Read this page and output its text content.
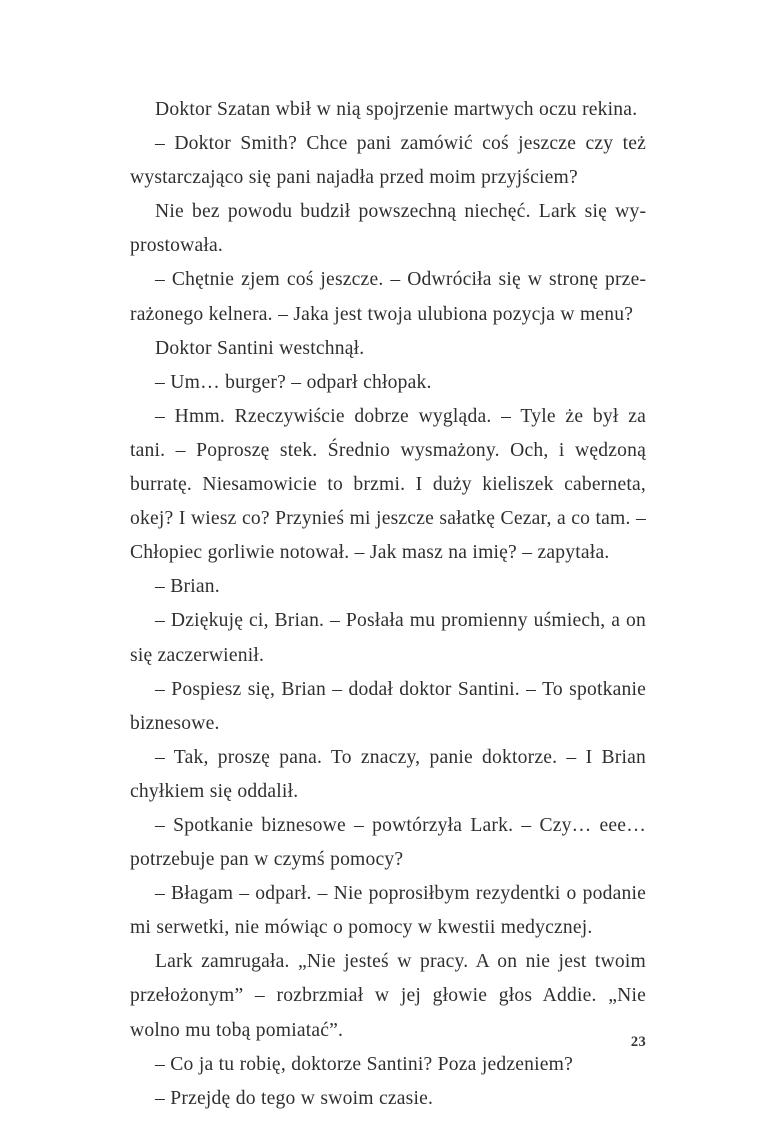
Doktor Szatan wbił w nią spojrzenie martwych oczu rekina.

– Doktor Smith? Chce pani zamówić coś jeszcze czy też wystarczająco się pani najadła przed moim przyjściem?

Nie bez powodu budził powszechną niechęć. Lark się wyprostowała.

– Chętnie zjem coś jeszcze. – Odwróciła się w stronę przerażonego kelnera. – Jaka jest twoja ulubiona pozycja w menu?

Doktor Santini westchnął.

– Um… burger? – odparł chłopak.

– Hmm. Rzeczywiście dobrze wygląda. – Tyle że był za tani. – Poproszę stek. Średnio wysmażony. Och, i wędzoną burratę. Niesamowicie to brzmi. I duży kieliszek caberneta, okej? I wiesz co? Przynieś mi jeszcze sałatkę Cezar, a co tam. – Chłopiec gorliwie notował. – Jak masz na imię? – zapytała.

– Brian.

– Dziękuję ci, Brian. – Posłała mu promienny uśmiech, a on się zaczerwienił.

– Pospiesz się, Brian – dodał doktor Santini. – To spotkanie biznesowe.

– Tak, proszę pana. To znaczy, panie doktorze. – I Brian chyłkiem się oddalił.

– Spotkanie biznesowe – powtórzyła Lark. – Czy… eee… potrzebuje pan w czymś pomocy?

– Błagam – odparł. – Nie poprosiłbym rezydentki o podanie mi serwetki, nie mówiąc o pomocy w kwestii medycznej.

Lark zamrugała. „Nie jesteś w pracy. A on nie jest twoim przełożonym” – rozbrzmiał w jej głowie głos Addie. „Nie wolno mu tobą pomiatać”.

– Co ja tu robię, doktorze Santini? Poza jedzeniem?

– Przejdę do tego w swoim czasie.

23
